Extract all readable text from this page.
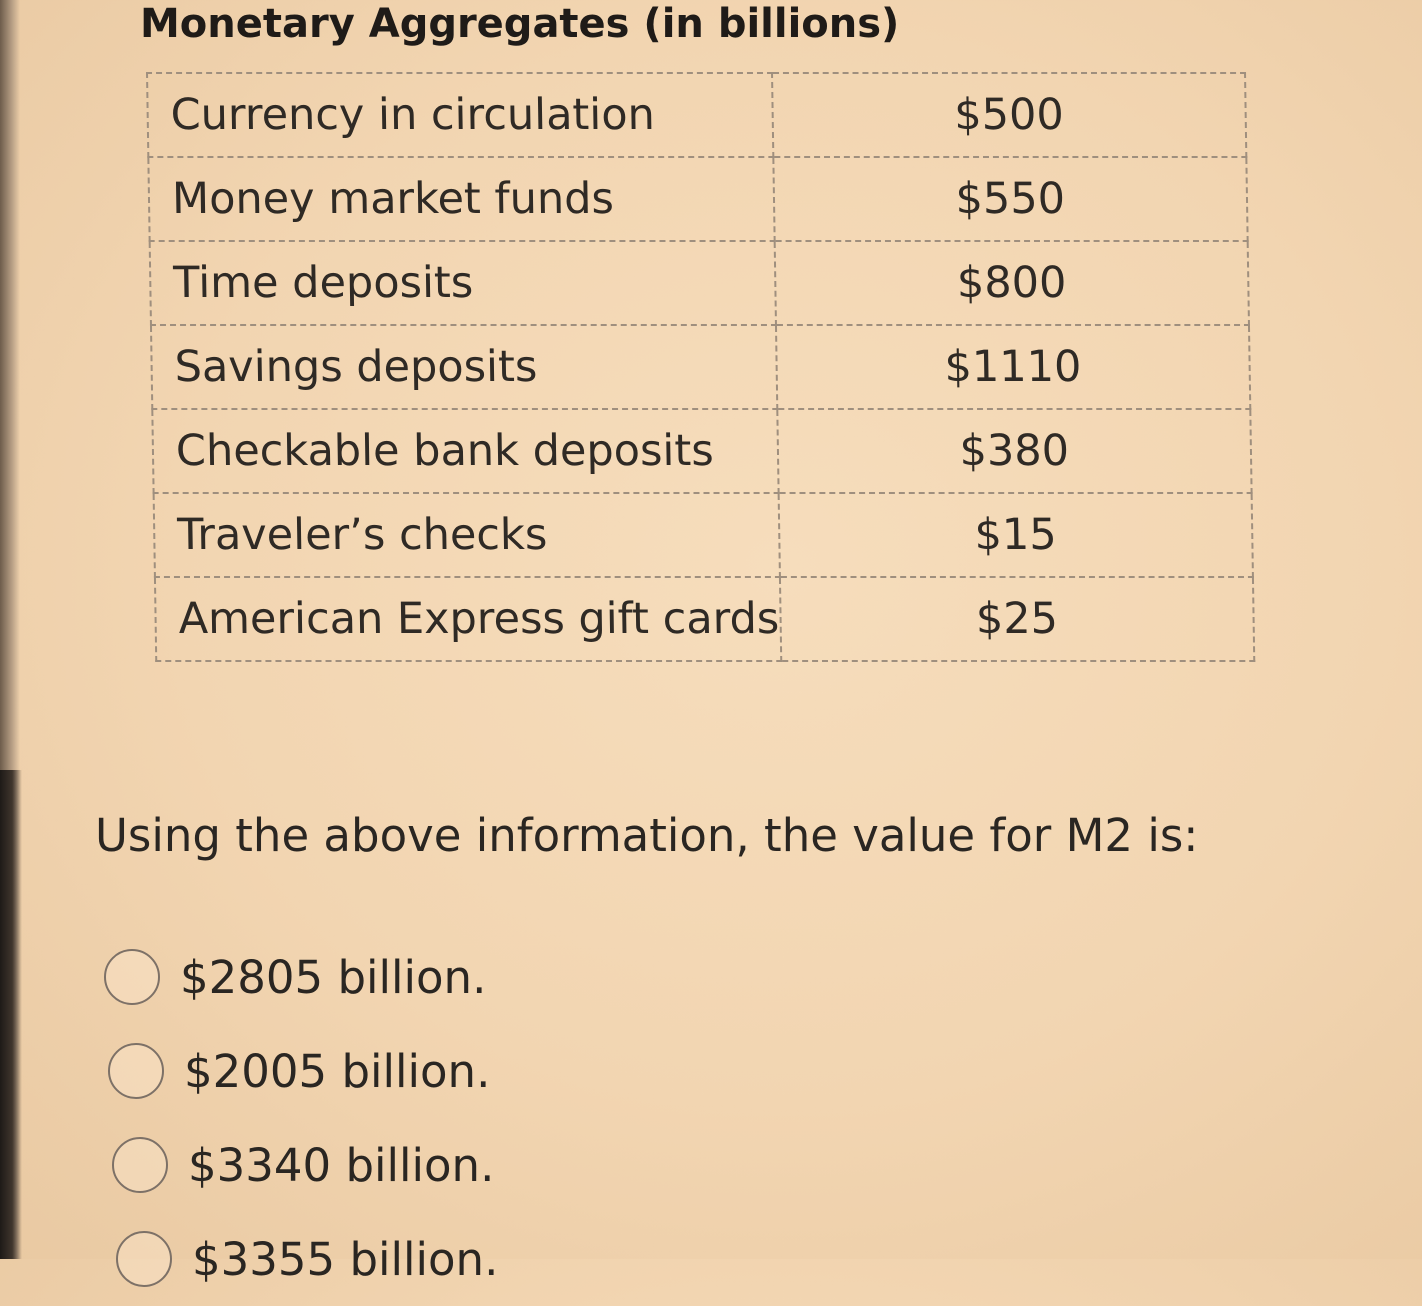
Monetary Aggregates (in billions)
Currency in circulation	$500
Money market funds	$550
Time deposits	$800
Savings deposits	$1110
Checkable bank deposits	$380
Traveler’s checks	$15
American Express gift cards	$25
Using the above information, the value for M2 is:
$2805 billion.
$2005 billion.
$3340 billion.
$3355 billion.
